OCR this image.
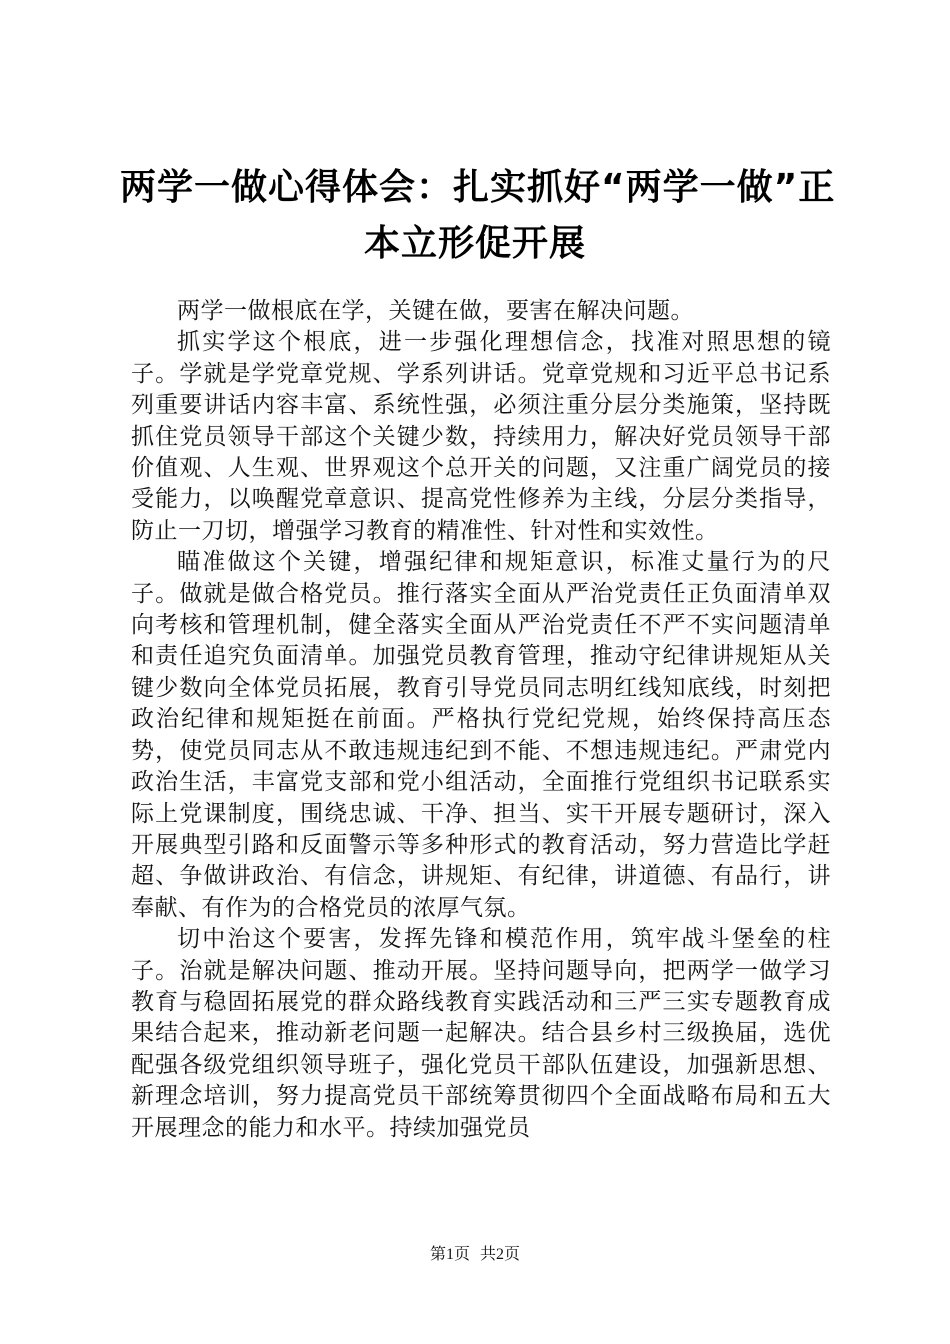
两学一做心得体会：扎实抓好“两学一做”正
本立形促开展

两学一做根底在学，关键在做，要害在解决问题。

抓实学这个根底，进一步强化理想信念，找准对照思想的镜子。学就是学党章党规、学系列讲话。党章党规和习近平总书记系列重要讲话内容丰富、系统性强，必须注重分层分类施策，坚持既抓住党员领导干部这个关键少数，持续用力，解决好党员领导干部价值观、人生观、世界观这个总开关的问题，又注重广阔党员的接受能力，以唤醒党章意识、提高党性修养为主线，分层分类指导，防止一刀切，增强学习教育的精准性、针对性和实效性。

瞄准做这个关键，增强纪律和规矩意识，标准丈量行为的尺子。做就是做合格党员。推行落实全面从严治党责任正负面清单双向考核和管理机制，健全落实全面从严治党责任不严不实问题清单和责任追究负面清单。加强党员教育管理，推动守纪律讲规矩从关键少数向全体党员拓展，教育引导党员同志明红线知底线，时刻把政治纪律和规矩挺在前面。严格执行党纪党规，始终保持高压态势，使党员同志从不敢违规违纪到不能、不想违规违纪。严肃党内政治生活，丰富党支部和党小组活动，全面推行党组织书记联系实际上党课制度，围绕忠诚、干净、担当、实干开展专题研讨，深入开展典型引路和反面警示等多种形式的教育活动，努力营造比学赶超、争做讲政治、有信念，讲规矩、有纪律，讲道德、有品行，讲奉献、有作为的合格党员的浓厚气氛。

切中治这个要害，发挥先锋和模范作用，筑牢战斗堡垒的柱子。治就是解决问题、推动开展。坚持问题导向，把两学一做学习教育与稳固拓展党的群众路线教育实践活动和三严三实专题教育成果结合起来，推动新老问题一起解决。结合县乡村三级换届，选优配强各级党组织领导班子，强化党员干部队伍建设，加强新思想、新理念培训，努力提高党员干部统筹贯彻四个全面战略布局和五大开展理念的能力和水平。持续加强党员

第1页 共2页
